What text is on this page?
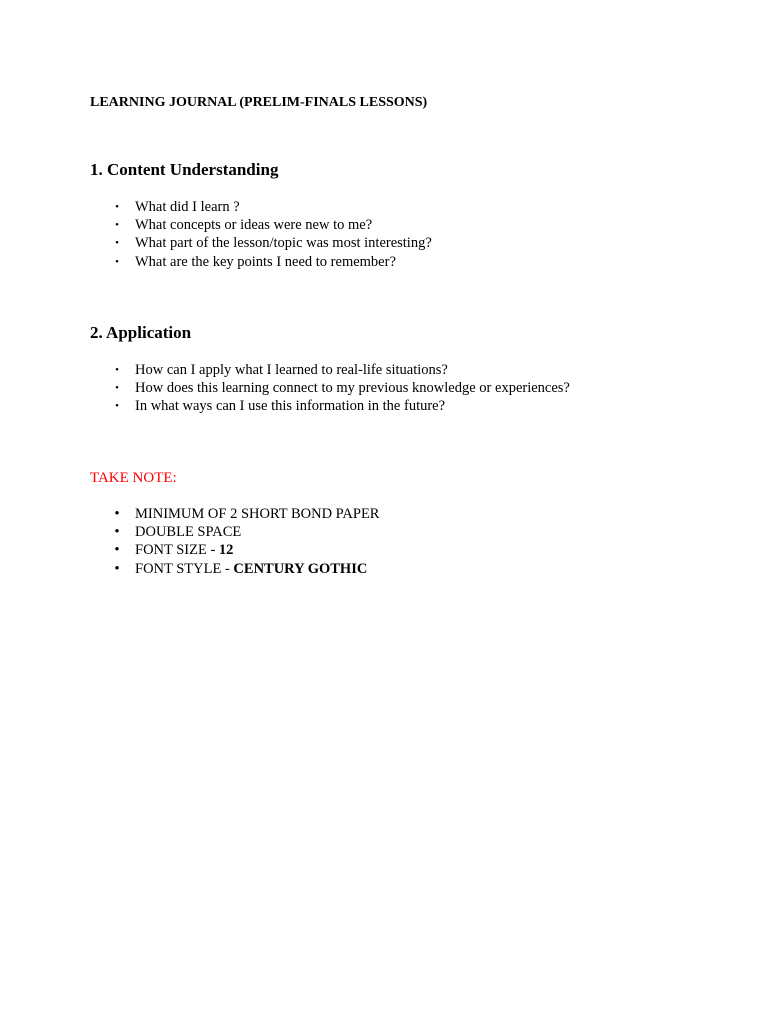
LEARNING JOURNAL (PRELIM-FINALS LESSONS)
1. Content Understanding
• What did I learn ?
• What concepts or ideas were new to me?
• What part of the lesson/topic was most interesting?
• What are the key points I need to remember?
2. Application
• How can I apply what I learned to real-life situations?
• How does this learning connect to my previous knowledge or experiences?
• In what ways can I use this information in the future?
TAKE NOTE:
• MINIMUM OF 2 SHORT BOND PAPER
• DOUBLE SPACE
• FONT SIZE - 12
• FONT STYLE - CENTURY GOTHIC
